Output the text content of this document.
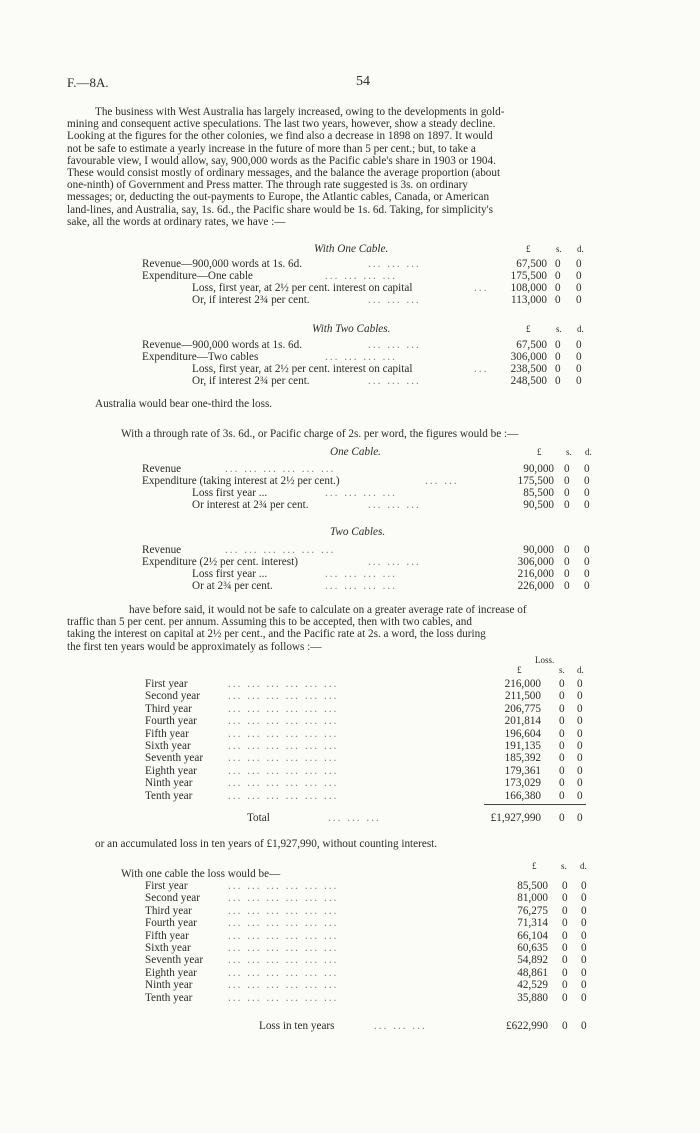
F.—8A.	54
The business with West Australia has largely increased, owing to the developments in gold-
mining and consequent active speculations. The last two years, however, show a steady decline.
Looking at the figures for the other colonies, we find also a decrease in 1898 on 1897. It would
not be safe to estimate a yearly increase in the future of more than 5 per cent.; but, to take a
favourable view, I would allow, say, 900,000 words as the Pacific cable's share in 1903 or 1904.
These would consist mostly of ordinary messages, and the balance the average proportion (about
one-ninth) of Government and Press matter. The through rate suggested is 3s. on ordinary
messages; or, deducting the out-payments to Europe, the Atlantic cables, Canada, or American
land-lines, and Australia, say, 1s. 6d., the Pacific share would be 1s. 6d. Taking, for simplicity's
sake, all the words at ordinary rates, we have :—
With One Cable.	£	s. d.
Revenue—900,000 words at 1s. 6d.	... ... ...	67,500 0 0
Expenditure—One cable	... ... ... ...	175,500 0 0
Loss, first year, at 2½ per cent. interest on capital	... 108,000 0 0
Or, if interest 2¾ per cent.	... ... ...	113,000 0 0
With Two Cables.	£	s. d.
Revenue—900,000 words at 1s. 6d.	... ... ...	67,500 0 0
Expenditure—Two cables	... ... ... ...	306,000 0 0
Loss, first year, at 2½ per cent. interest on capital	... 238,500 0 0
Or, if interest 2¾ per cent.	... ... ...	248,500 0 0
Australia would bear one-third the loss.
With a through rate of 3s. 6d., or Pacific charge of 2s. per word, the figures would be :—
One Cable.	£	s. d.
Revenue	... ... ... ... ... ...	90,000 0 0
Expenditure (taking interest at 2½ per cent.)	... ...	175,500 0 0
Loss first year ...	... ... ... ...	85,500 0 0
Or interest at 2¾ per cent.	... ... ...	90,500 0 0
Two Cables.
Revenue	... ... ... ... ... ...	90,000 0 0
Expenditure (2½ per cent. interest)	... ... ...	306,000 0 0
Loss first year ...	... ... ... ...	216,000 0 0
Or at 2¾ per cent.	... ... ... ...	226,000 0 0
have before said, it would not be safe to calculate on a greater average rate of increase of
traffic than 5 per cent. per annum. Assuming this to be accepted, then with two cables, and
taking the interest on capital at 2½ per cent., and the Pacific rate at 2s. a word, the loss during
the first ten years would be approximately as follows :—
Loss.
£	s. d.
First year	... ... ... ... ... ...	216,000 0 0
Second year	... ... ... ... ... ...	211,500 0 0
Third year	... ... ... ... ... ...	206,775 0 0
Fourth year	... ... ... ... ... ...	201,814 0 0
Fifth year	... ... ... ... ... ...	196,604 0 0
Sixth year	... ... ... ... ... ...	191,135 0 0
Seventh year ... ... ... ... ... ...	185,392 0 0
Eighth year	... ... ... ... ... ...	179,361 0 0
Ninth year	... ... ... ... ... ...	173,029 0 0
Tenth year	... ... ... ... ... ...	166,380 0 0
Total	... ... ...	£1,927,990 0 0
or an accumulated loss in ten years of £1,927,990, without counting interest.
With one cable the loss would be—
£	s. d.
First year	... ... ... ... ... ...	85,500 0 0
Second year	... ... ... ... ... ...	81,000 0 0
Third year	... ... ... ... ... ...	76,275 0 0
Fourth year	... ... ... ... ... ...	71,314 0 0
Fifth year	... ... ... ... ... ...	66,104 0 0
Sixth year	... ... ... ... ... ...	60,635 0 0
Seventh year ... ... ... ... ... ...	54,892 0 0
Eighth year	... ... ... ... ... ...	48,861 0 0
Ninth year	... ... ... ... ... ...	42,529 0 0
Tenth year	... ... ... ... ... ...	35,880 0 0
Loss in ten years	... ... ...	£622,990 0 0
